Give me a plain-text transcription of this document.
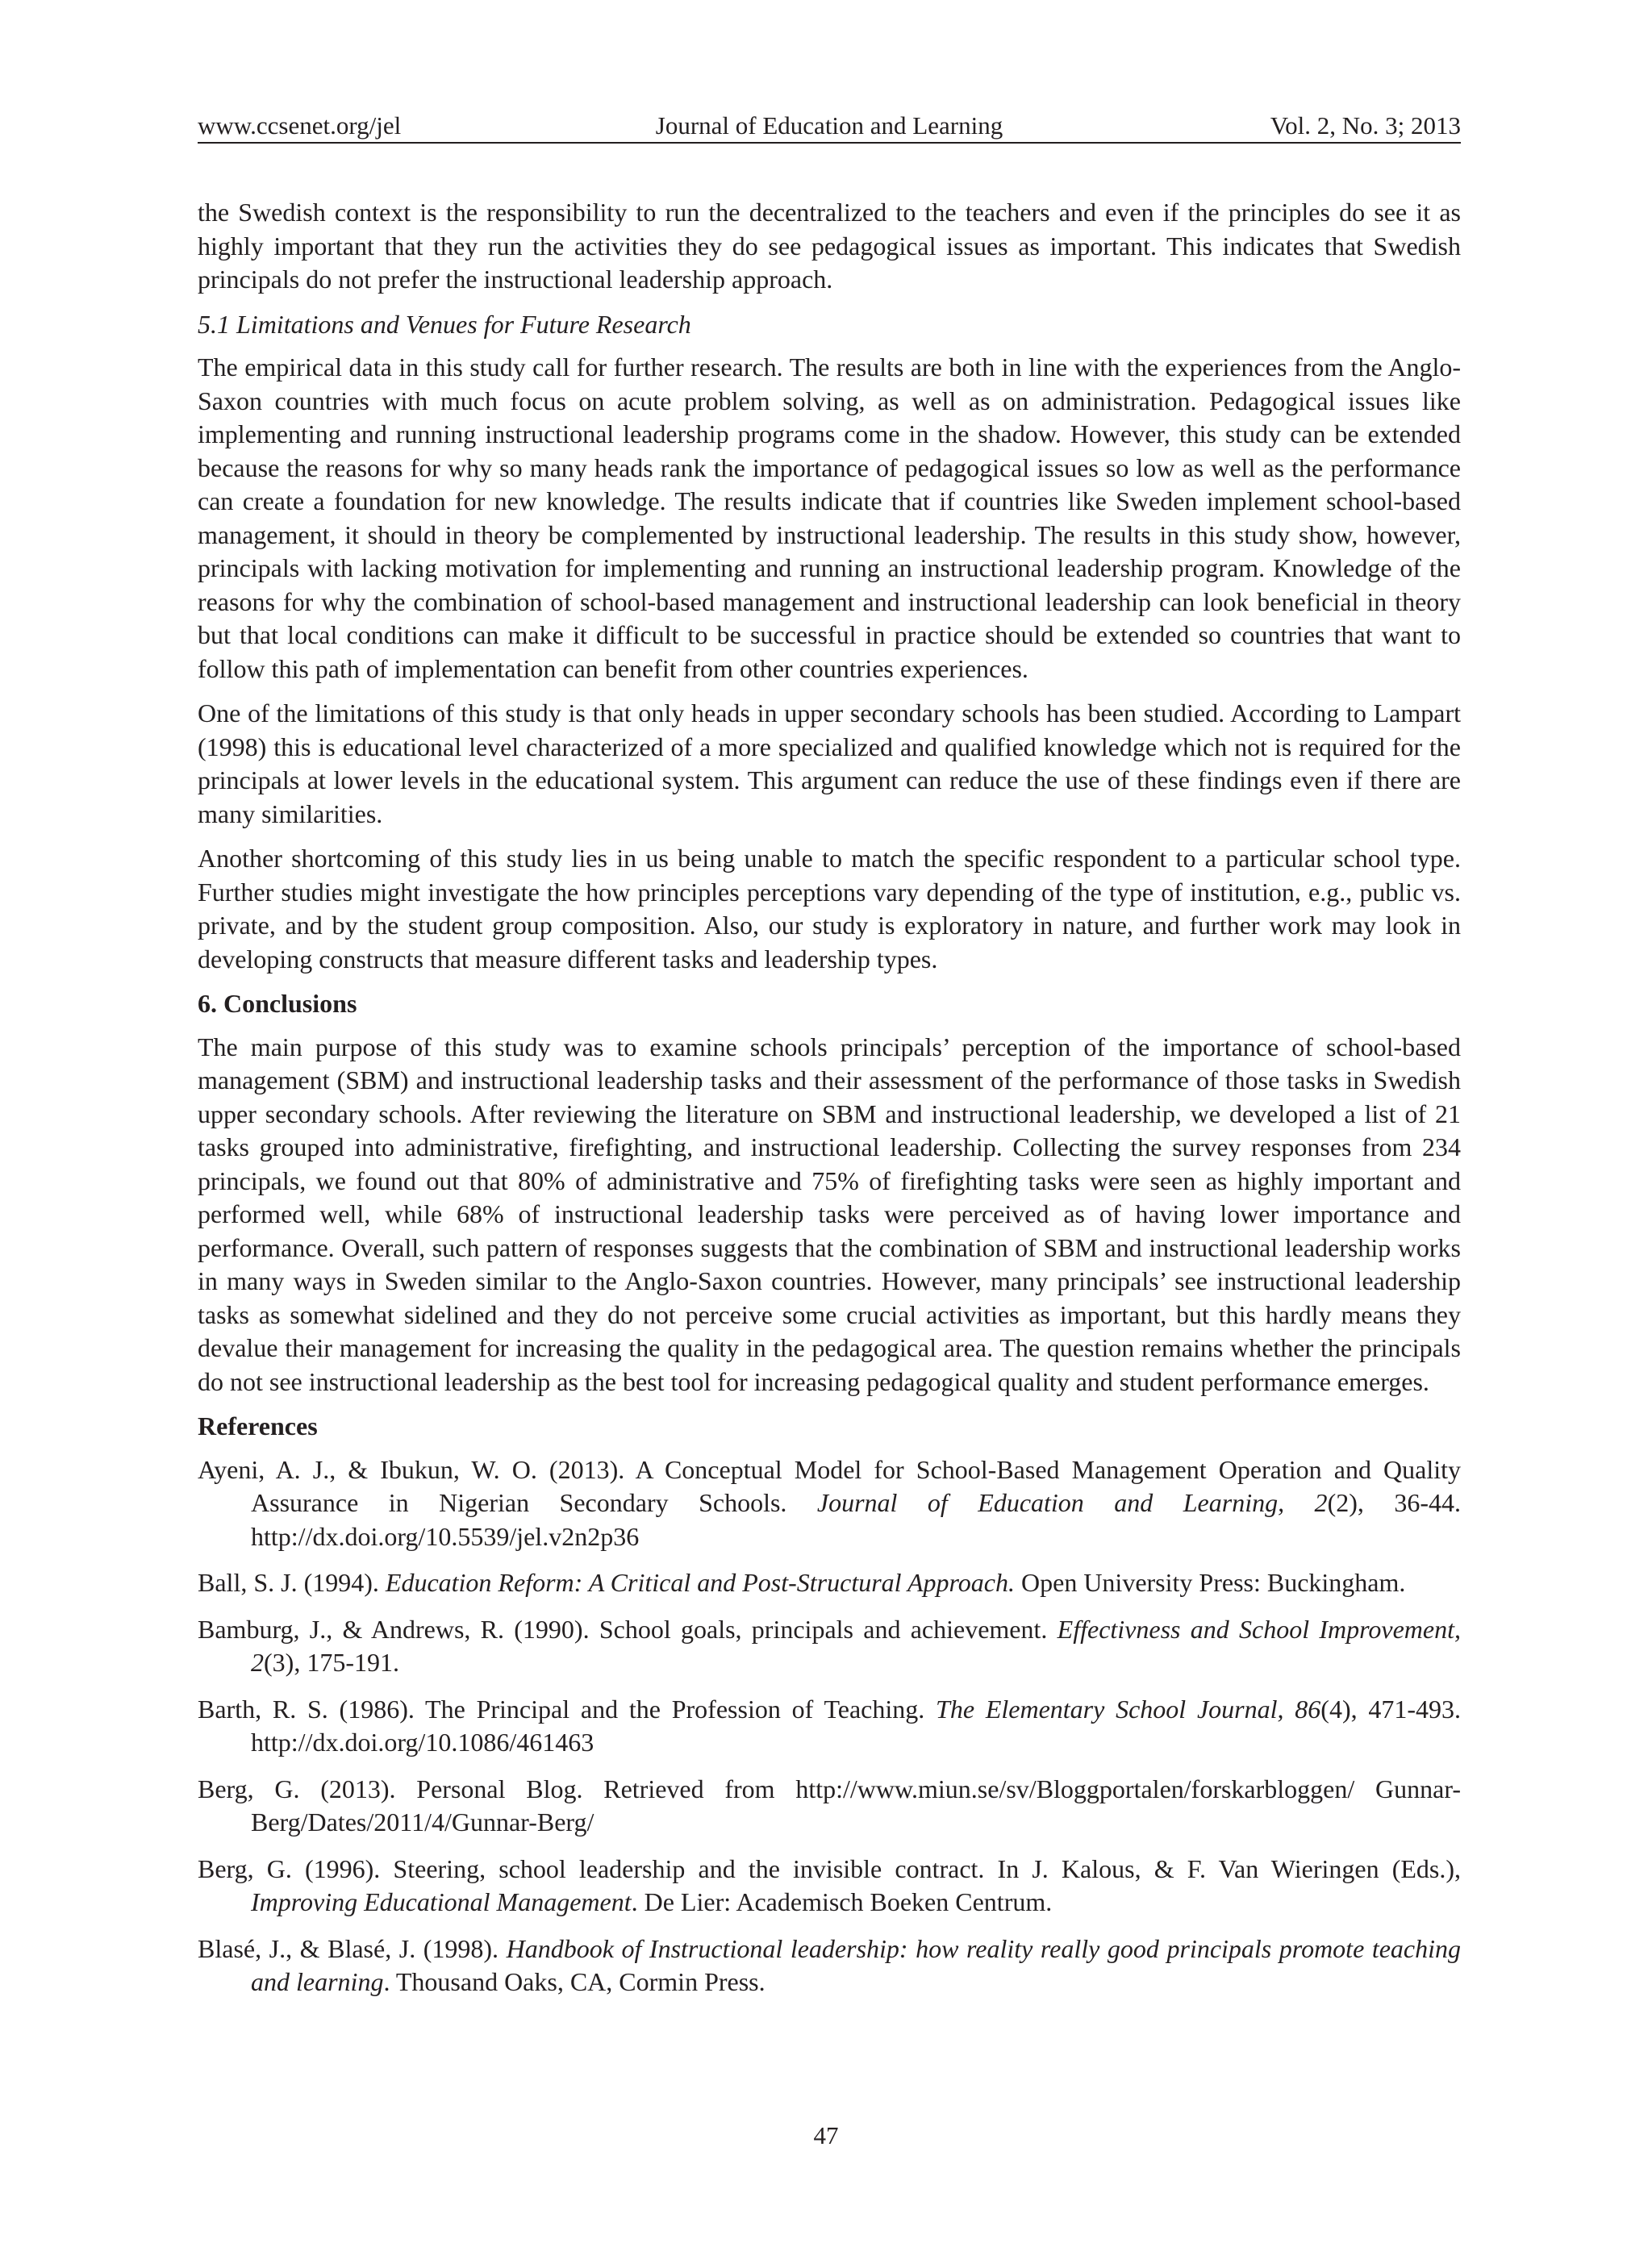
www.ccsenet.org/jel	Journal of Education and Learning	Vol. 2, No. 3; 2013

the Swedish context is the responsibility to run the decentralized to the teachers and even if the principles do see it as highly important that they run the activities they do see pedagogical issues as important. This indicates that Swedish principals do not prefer the instructional leadership approach.

5.1 Limitations and Venues for Future Research

The empirical data in this study call for further research. The results are both in line with the experiences from the Anglo-Saxon countries with much focus on acute problem solving, as well as on administration. Pedagogical issues like implementing and running instructional leadership programs come in the shadow. However, this study can be extended because the reasons for why so many heads rank the importance of pedagogical issues so low as well as the performance can create a foundation for new knowledge. The results indicate that if countries like Sweden implement school-based management, it should in theory be complemented by instructional leadership. The results in this study show, however, principals with lacking motivation for implementing and running an instructional leadership program. Knowledge of the reasons for why the combination of school-based management and instructional leadership can look beneficial in theory but that local conditions can make it difficult to be successful in practice should be extended so countries that want to follow this path of implementation can benefit from other countries experiences.

One of the limitations of this study is that only heads in upper secondary schools has been studied. According to Lampart (1998) this is educational level characterized of a more specialized and qualified knowledge which not is required for the principals at lower levels in the educational system. This argument can reduce the use of these findings even if there are many similarities.

Another shortcoming of this study lies in us being unable to match the specific respondent to a particular school type. Further studies might investigate the how principles perceptions vary depending of the type of institution, e.g., public vs. private, and by the student group composition. Also, our study is exploratory in nature, and further work may look in developing constructs that measure different tasks and leadership types.

6. Conclusions

The main purpose of this study was to examine schools principals’ perception of the importance of school-based management (SBM) and instructional leadership tasks and their assessment of the performance of those tasks in Swedish upper secondary schools. After reviewing the literature on SBM and instructional leadership, we developed a list of 21 tasks grouped into administrative, firefighting, and instructional leadership. Collecting the survey responses from 234 principals, we found out that 80% of administrative and 75% of firefighting tasks were seen as highly important and performed well, while 68% of instructional leadership tasks were perceived as of having lower importance and performance. Overall, such pattern of responses suggests that the combination of SBM and instructional leadership works in many ways in Sweden similar to the Anglo-Saxon countries. However, many principals’ see instructional leadership tasks as somewhat sidelined and they do not perceive some crucial activities as important, but this hardly means they devalue their management for increasing the quality in the pedagogical area. The question remains whether the principals do not see instructional leadership as the best tool for increasing pedagogical quality and student performance emerges.

References

Ayeni, A. J., & Ibukun, W. O. (2013). A Conceptual Model for School-Based Management Operation and Quality Assurance in Nigerian Secondary Schools. Journal of Education and Learning, 2(2), 36-44. http://dx.doi.org/10.5539/jel.v2n2p36

Ball, S. J. (1994). Education Reform: A Critical and Post-Structural Approach. Open University Press: Buckingham.

Bamburg, J., & Andrews, R. (1990). School goals, principals and achievement. Effectivness and School Improvement, 2(3), 175-191.

Barth, R. S. (1986). The Principal and the Profession of Teaching. The Elementary School Journal, 86(4), 471-493. http://dx.doi.org/10.1086/461463

Berg, G. (2013). Personal Blog. Retrieved from http://www.miun.se/sv/Bloggportalen/forskarbloggen/ Gunnar-Berg/Dates/2011/4/Gunnar-Berg/

Berg, G. (1996). Steering, school leadership and the invisible contract. In J. Kalous, & F. Van Wieringen (Eds.), Improving Educational Management. De Lier: Academisch Boeken Centrum.

Blasé, J., & Blasé, J. (1998). Handbook of Instructional leadership: how reality really good principals promote teaching and learning. Thousand Oaks, CA, Cormin Press.

47
